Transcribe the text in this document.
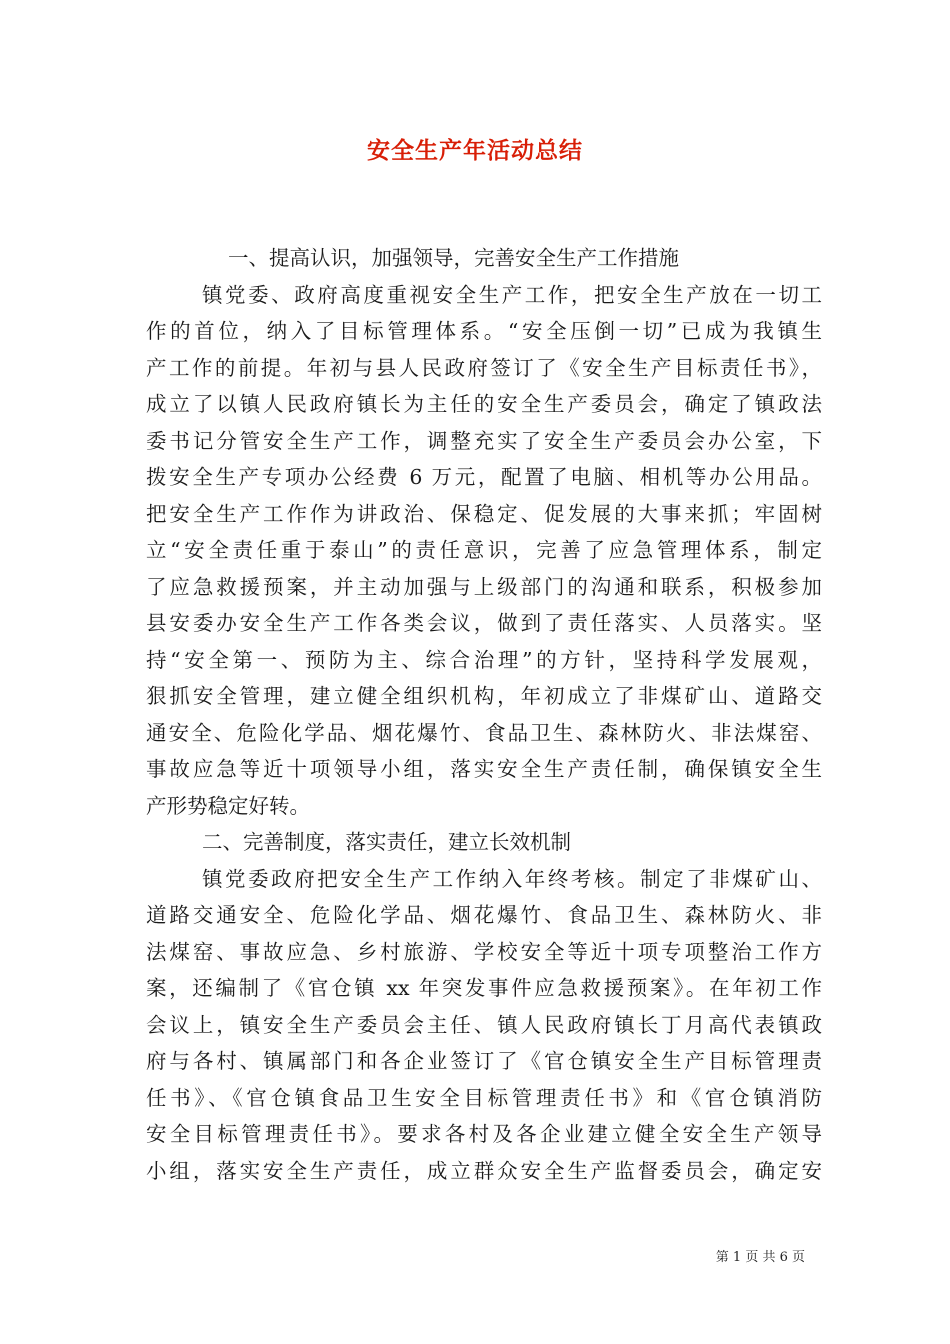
安全生产年活动总结
一、提高认识，加强领导，完善安全生产工作措施
镇党委、政府高度重视安全生产工作，把安全生产放在一切工
作的首位，纳入了目标管理体系。“安全压倒一切”已成为我镇生
产工作的前提。年初与县人民政府签订了《安全生产目标责任书》，
成立了以镇人民政府镇长为主任的安全生产委员会，确定了镇政法
委书记分管安全生产工作，调整充实了安全生产委员会办公室，下
拨安全生产专项办公经费 6 万元，配置了电脑、相机等办公用品。
把安全生产工作作为讲政治、保稳定、促发展的大事来抓；牢固树
立“安全责任重于泰山”的责任意识，完善了应急管理体系，制定
了应急救援预案，并主动加强与上级部门的沟通和联系，积极参加
县安委办安全生产工作各类会议，做到了责任落实、人员落实。坚
持“安全第一、预防为主、综合治理”的方针，坚持科学发展观，
狠抓安全管理，建立健全组织机构，年初成立了非煤矿山、道路交
通安全、危险化学品、烟花爆竹、食品卫生、森林防火、非法煤窑、
事故应急等近十项领导小组，落实安全生产责任制，确保镇安全生
产形势稳定好转。
二、完善制度，落实责任，建立长效机制
镇党委政府把安全生产工作纳入年终考核。制定了非煤矿山、
道路交通安全、危险化学品、烟花爆竹、食品卫生、森林防火、非
法煤窑、事故应急、乡村旅游、学校安全等近十项专项整治工作方
案，还编制了《官仓镇 xx 年突发事件应急救援预案》。在年初工作
会议上，镇安全生产委员会主任、镇人民政府镇长丁月高代表镇政
府与各村、镇属部门和各企业签订了《官仓镇安全生产目标管理责
任书》、《官仓镇食品卫生安全目标管理责任书》和《官仓镇消防
安全目标管理责任书》。要求各村及各企业建立健全安全生产领导
小组，落实安全生产责任，成立群众安全生产监督委员会，确定安
第 1 页 共 6 页
